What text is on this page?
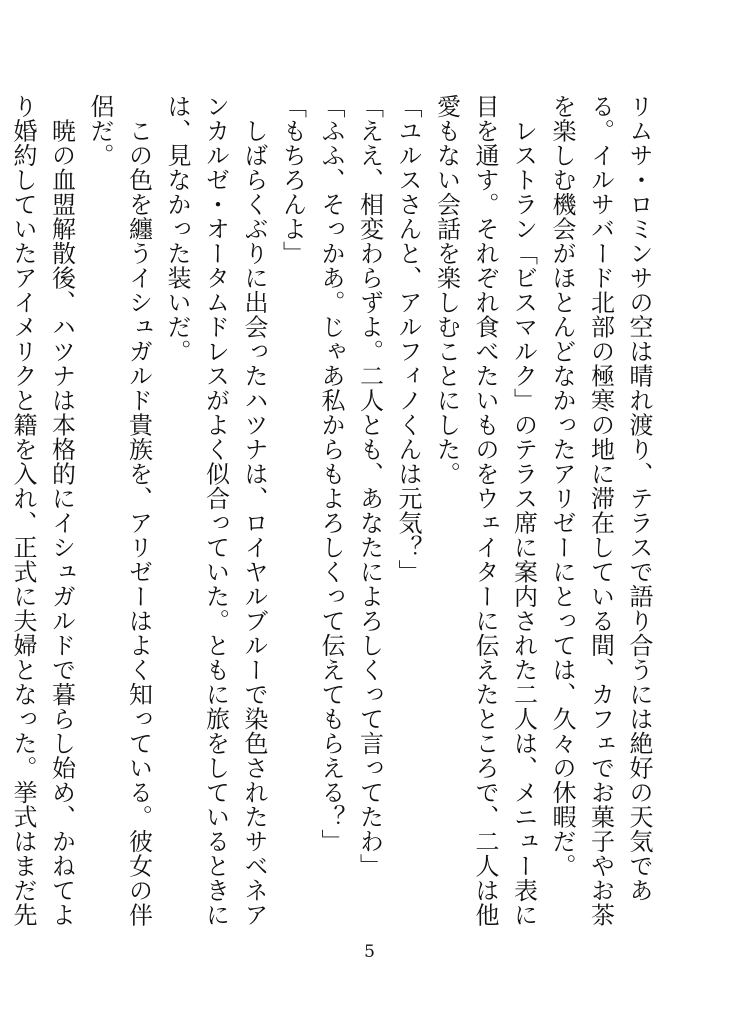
リムサ・ロミンサの空は晴れ渡り、テラスで語り合うには絶好の天気である。イルサバード北部の極寒の地に滞在している間、カフェでお菓子やお茶を楽しむ機会がほとんどなかったアリゼーにとっては、久々の休暇だ。

　レストラン「ビスマルク」のテラス席に案内された二人は、メニュー表に目を通す。それぞれ食べたいものをウェイターに伝えたところで、二人は他愛もない会話を楽しむことにした。

「ユルスさんと、アルフィノくんは元気？」

「ええ、相変わらずよ。二人とも、あなたによろしくって言ってたわ」

「ふふ、そっかあ。じゃあ私からもよろしくって伝えてもらえる？」

「もちろんよ」

　しばらくぶりに出会ったハツナは、ロイヤルブルーで染色されたサベネアンカルゼ・オータムドレスがよく似合っていた。ともに旅をしているときには、見なかった装いだ。

　この色を纏うイシュガルド貴族を、アリゼーはよく知っている。彼女の伴侶だ。

　暁の血盟解散後、ハツナは本格的にイシュガルドで暮らし始め、かねてより婚約していたアイメリクと籍を入れ、正式に夫婦となった。挙式はまだ先

5
